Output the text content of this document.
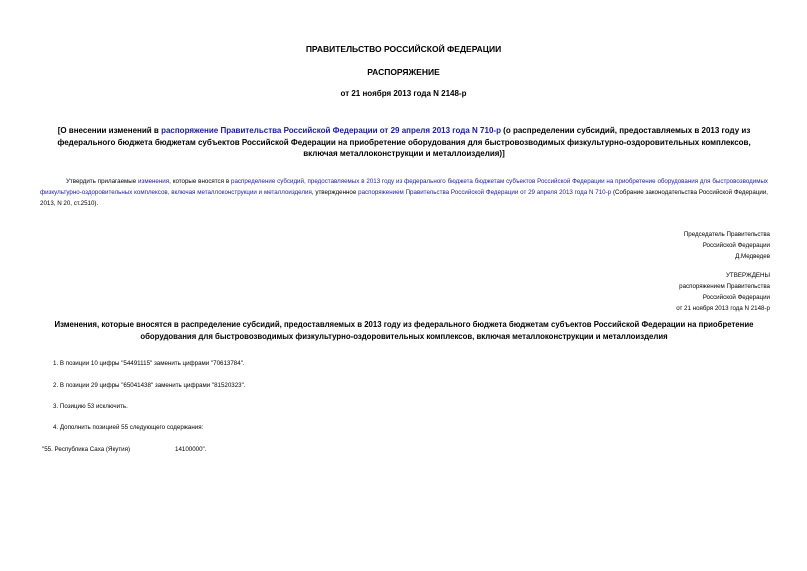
ПРАВИТЕЛЬСТВО РОССИЙСКОЙ ФЕДЕРАЦИИ
РАСПОРЯЖЕНИЕ
от 21 ноября 2013 года N 2148-р
[О внесении изменений в распоряжение Правительства Российской Федерации от 29 апреля 2013 года N 710-р (о распределении субсидий, предоставляемых в 2013 году из федерального бюджета бюджетам субъектов Российской Федерации на приобретение оборудования для быстровозводимых физкультурно-оздоровительных комплексов, включая металлоконструкции и металлоизделия)]
Утвердить прилагаемые изменения, которые вносятся в распределение субсидий, предоставляемых в 2013 году из федерального бюджета бюджетам субъектов Российской Федерации на приобретение оборудования для быстровозводимых физкультурно-оздоровительных комплексов, включая металлоконструкции и металлоизделия, утвержденное распоряжением Правительства Российской Федерации от 29 апреля 2013 года N 710-р (Собрание законодательства Российской Федерации, 2013, N 20, ст.2510).
Председатель Правительства
Российской Федерации
Д.Медведев
УТВЕРЖДЕНЫ
распоряжением Правительства
Российской Федерации
от 21 ноября 2013 года N 2148-р
Изменения, которые вносятся в распределение субсидий, предоставляемых в 2013 году из федерального бюджета бюджетам субъектов Российской Федерации на приобретение оборудования для быстровозводимых физкультурно-оздоровительных комплексов, включая металлоконструкции и металлоизделия
1. В позиции 10 цифры "54491115" заменить цифрами "70613784".
2. В позиции 29 цифры "65041438" заменить цифрами "81520323".
3. Позицию 53 исключить.
4. Дополнить позицией 55 следующего содержания:
"55. Республика Саха (Якутия)	14100000".
